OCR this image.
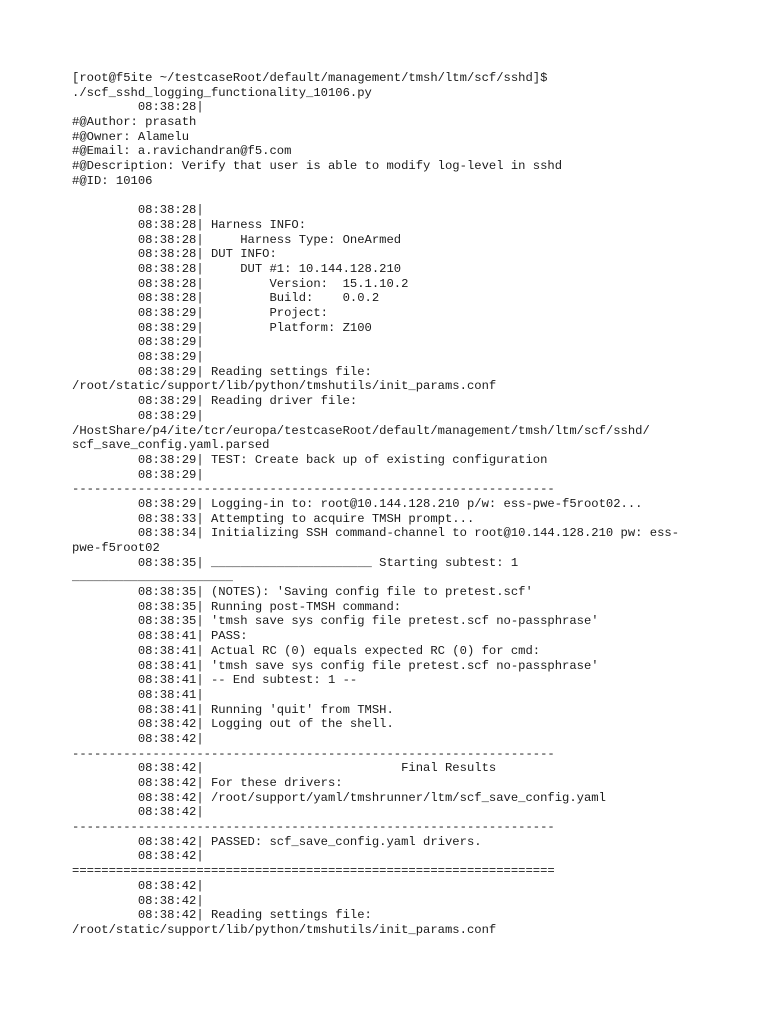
[root@f5ite ~/testcaseRoot/default/management/tmsh/ltm/scf/sshd]$
./scf_sshd_logging_functionality_10106.py
08:38:28|
#@Author: prasath
#@Owner: Alamelu
#@Email: a.ravichandran@f5.com
#@Description: Verify that user is able to modify log-level in sshd
#@ID: 10106
08:38:28|
08:38:28| Harness INFO:
08:38:28|     Harness Type: OneArmed
08:38:28| DUT INFO:
08:38:28|     DUT #1: 10.144.128.210
08:38:28|         Version:  15.1.10.2
08:38:28|         Build:    0.0.2
08:38:29|         Project:
08:38:29|         Platform: Z100
08:38:29|
08:38:29|
08:38:29| Reading settings file:
/root/static/support/lib/python/tmshutils/init_params.conf
08:38:29| Reading driver file:
08:38:29|
/HostShare/p4/ite/tcr/europa/testcaseRoot/default/management/tmsh/ltm/scf/sshd/
scf_save_config.yaml.parsed
08:38:29| TEST: Create back up of existing configuration
08:38:29|
------------------------------------------------------------------
08:38:29| Logging-in to: root@10.144.128.210 p/w: ess-pwe-f5root02...
08:38:33| Attempting to acquire TMSH prompt...
08:38:34| Initializing SSH command-channel to root@10.144.128.210 pw: ess-
pwe-f5root02
08:38:35| ______________________ Starting subtest: 1
______________________
08:38:35| (NOTES): 'Saving config file to pretest.scf'
08:38:35| Running post-TMSH command:
08:38:35| 'tmsh save sys config file pretest.scf no-passphrase'
08:38:41| PASS:
08:38:41| Actual RC (0) equals expected RC (0) for cmd:
08:38:41| 'tmsh save sys config file pretest.scf no-passphrase'
08:38:41| -- End subtest: 1 --
08:38:41|
08:38:41| Running 'quit' from TMSH.
08:38:42| Logging out of the shell.
08:38:42|
------------------------------------------------------------------
08:38:42|                           Final Results
08:38:42| For these drivers:
08:38:42| /root/support/yaml/tmshrunner/ltm/scf_save_config.yaml
08:38:42|
------------------------------------------------------------------
08:38:42| PASSED: scf_save_config.yaml drivers.
08:38:42|
==================================================================
08:38:42|
08:38:42|
08:38:42| Reading settings file:
/root/static/support/lib/python/tmshutils/init_params.conf
